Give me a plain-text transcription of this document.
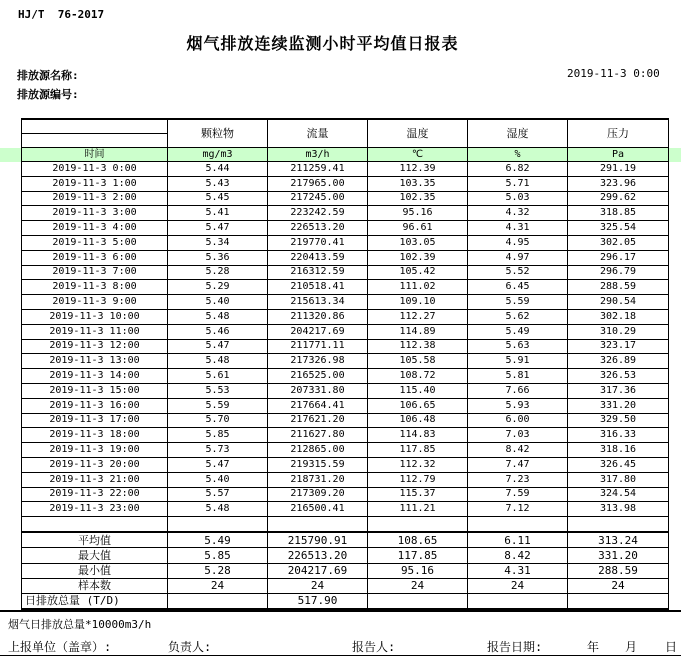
HJ/T  76-2017
烟气排放连续监测小时平均值日报表
排放源名称:
排放源编号:
2019-11-3 0:00
	颗粒物	流量	温度	湿度	压力

时间	mg/m3	m3/h	℃	%	Pa
2019-11-3 0:00	5.44	211259.41	112.39	6.82	291.19
2019-11-3 1:00	5.43	217965.00	103.35	5.71	323.96
2019-11-3 2:00	5.45	217245.00	102.35	5.03	299.62
2019-11-3 3:00	5.41	223242.59	95.16	4.32	318.85
2019-11-3 4:00	5.47	226513.20	96.61	4.31	325.54
2019-11-3 5:00	5.34	219770.41	103.05	4.95	302.05
2019-11-3 6:00	5.36	220413.59	102.39	4.97	296.17
2019-11-3 7:00	5.28	216312.59	105.42	5.52	296.79
2019-11-3 8:00	5.29	210518.41	111.02	6.45	288.59
2019-11-3 9:00	5.40	215613.34	109.10	5.59	290.54
2019-11-3 10:00	5.48	211320.86	112.27	5.62	302.18
2019-11-3 11:00	5.46	204217.69	114.89	5.49	310.29
2019-11-3 12:00	5.47	211771.11	112.38	5.63	323.17
2019-11-3 13:00	5.48	217326.98	105.58	5.91	326.89
2019-11-3 14:00	5.61	216525.00	108.72	5.81	326.53
2019-11-3 15:00	5.53	207331.80	115.40	7.66	317.36
2019-11-3 16:00	5.59	217664.41	106.65	5.93	331.20
2019-11-3 17:00	5.70	217621.20	106.48	6.00	329.50
2019-11-3 18:00	5.85	211627.80	114.83	7.03	316.33
2019-11-3 19:00	5.73	212865.00	117.85	8.42	318.16
2019-11-3 20:00	5.47	219315.59	112.32	7.47	326.45
2019-11-3 21:00	5.40	218731.20	112.79	7.23	317.80
2019-11-3 22:00	5.57	217309.20	115.37	7.59	324.54
2019-11-3 23:00	5.48	216500.41	111.21	7.12	313.98

平均值	5.49	215790.91	108.65	6.11	313.24
最大值	5.85	226513.20	117.85	8.42	331.20
最小值	5.28	204217.69	95.16	4.31	288.59
样本数	24	24	24	24	24
日排放总量 (T/D)		517.90			
烟气日排放总量*10000m3/h
上报单位（盖章）:	负责人:	报告人:	报告日期:	年 月 日
